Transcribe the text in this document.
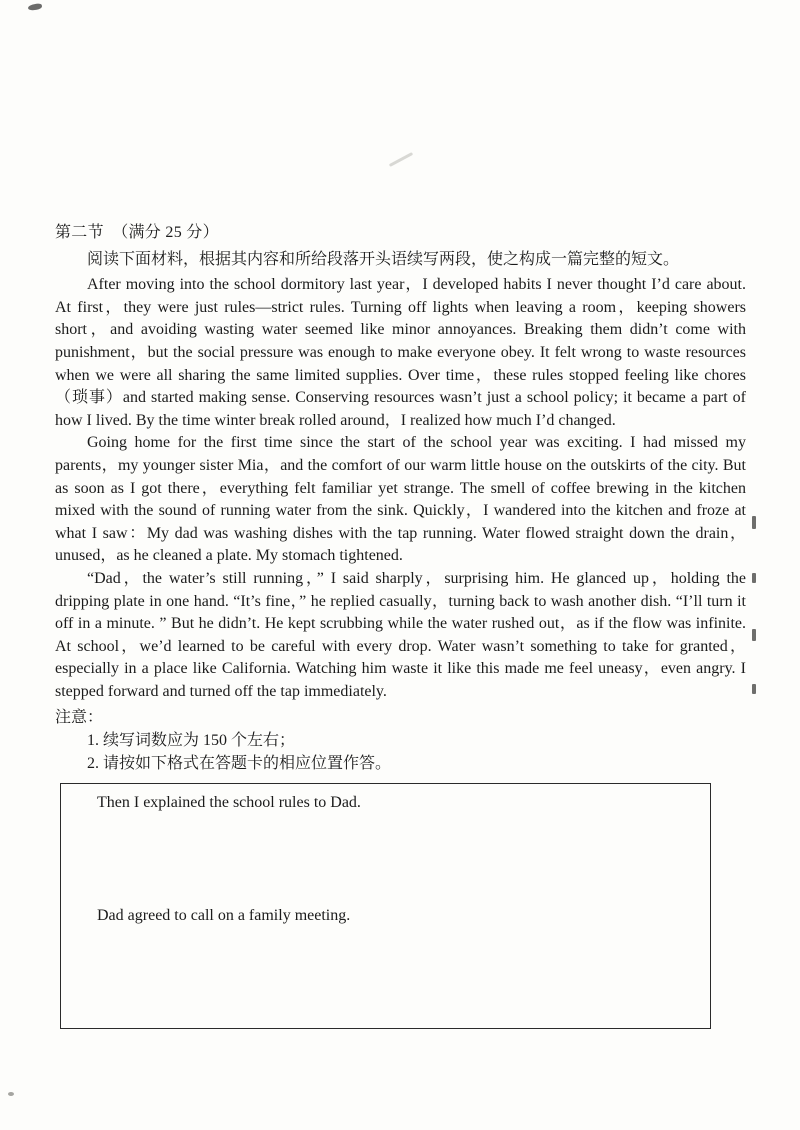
第二节　（满分 25 分）
阅读下面材料，根据其内容和所给段落开头语续写两段，使之构成一篇完整的短文。

After moving into the school dormitory last year，I developed habits I never thought I’d care about. At first，they were just rules—strict rules. Turning off lights when leaving a room，keeping showers short，and avoiding wasting water seemed like minor annoyances. Breaking them didn’t come with punishment，but the social pressure was enough to make everyone obey. It felt wrong to waste resources when we were all sharing the same limited supplies. Over time，these rules stopped feeling like chores（琐事）and started making sense. Conserving resources wasn’t just a school policy; it became a part of how I lived. By the time winter break rolled around，I realized how much I’d changed.

Going home for the first time since the start of the school year was exciting. I had missed my parents，my younger sister Mia，and the comfort of our warm little house on the outskirts of the city. But as soon as I got there，everything felt familiar yet strange. The smell of coffee brewing in the kitchen mixed with the sound of running water from the sink. Quickly，I wandered into the kitchen and froze at what I saw：My dad was washing dishes with the tap running. Water flowed straight down the drain，unused，as he cleaned a plate. My stomach tightened.

“Dad，the water’s still running，” I said sharply，surprising him. He glanced up，holding the dripping plate in one hand. “It’s fine，” he replied casually，turning back to wash another dish. “I’ll turn it off in a minute. ” But he didn’t. He kept scrubbing while the water rushed out，as if the flow was infinite. At school，we’d learned to be careful with every drop. Water wasn’t something to take for granted，especially in a place like California. Watching him waste it like this made me feel uneasy，even angry. I stepped forward and turned off the tap immediately.

注意：
1. 续写词数应为 150 个左右；
2. 请按如下格式在答题卡的相应位置作答。

Then I explained the school rules to Dad.

Dad agreed to call on a family meeting.
